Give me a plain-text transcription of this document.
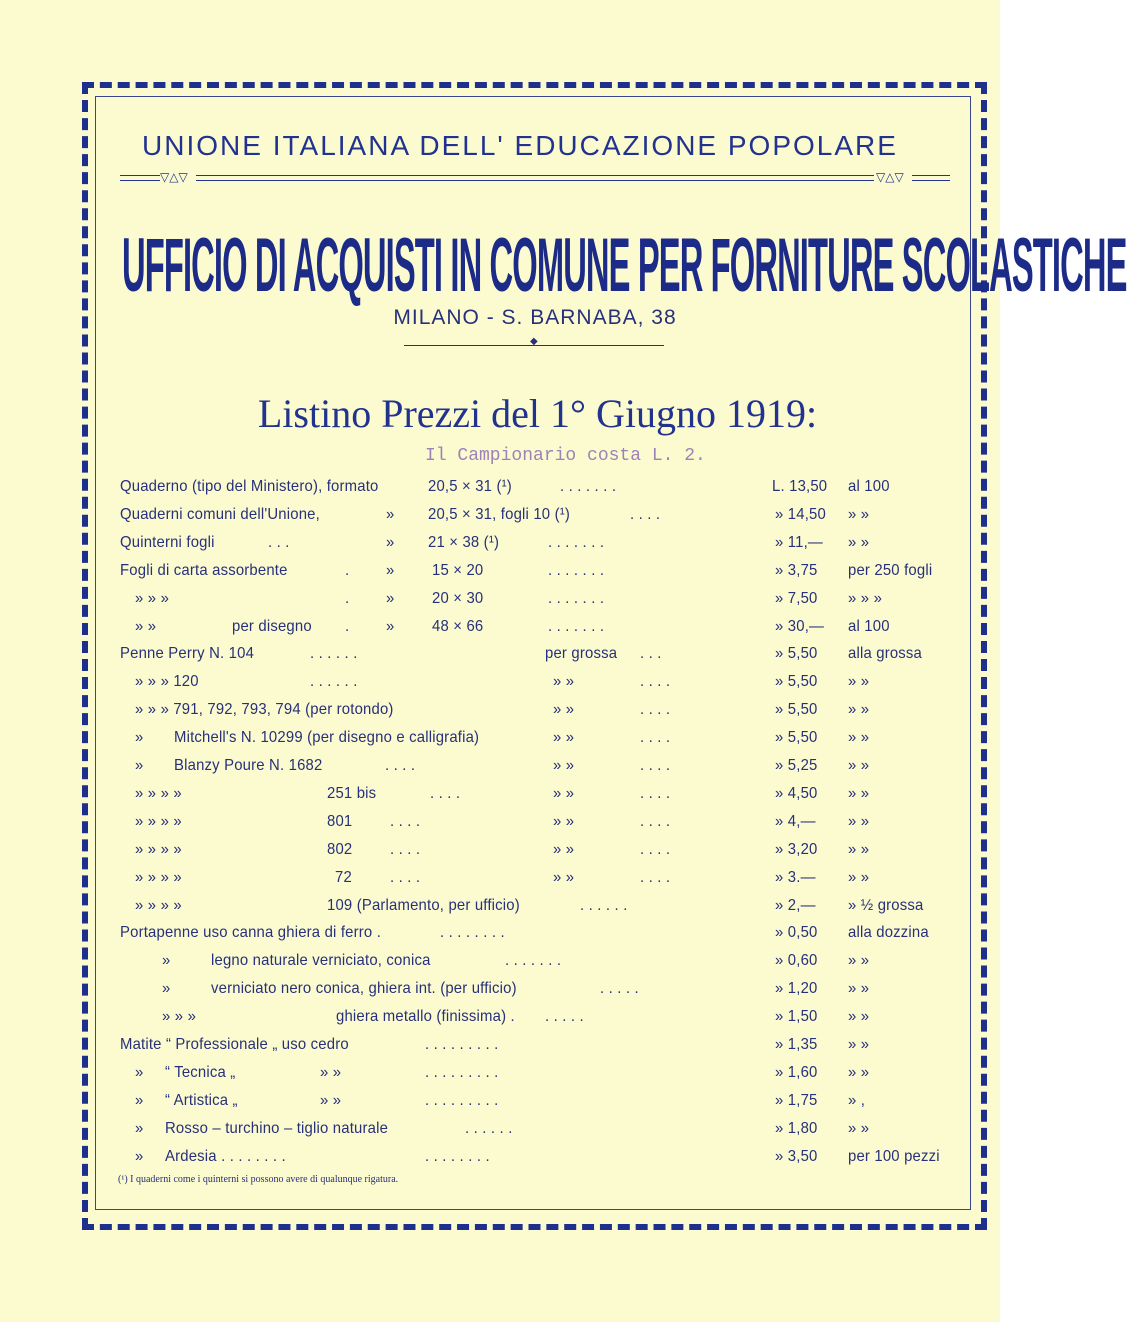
UNIONE ITALIANA DELL' EDUCAZIONE POPOLARE
▽△▽	▽△▽
UFFICIO DI ACQUISTI IN COMUNE PER FORNITURE SCOLASTICHE
MILANO - S. BARNABA, 38
◆
Listino Prezzi del 1° Giugno 1919:
Il Campionario costa L. 2.
Quaderno (tipo del Ministero), formato	20,5 × 31 (¹)	. . . . . . .	L. 13,50 al 100
Quaderni comuni dell'Unione,	» 20,5 × 31, fogli 10 (¹)	. . . .	» 14,50 » »
Quinterni fogli	. . .	» 21 × 38 (¹)	. . . . . . .	» 11,— » »
Fogli di carta assorbente	. » 15 × 20	. . . . . . .	» 3,75 per 250 fogli
» » »	. » 20 × 30	. . . . . . .	» 7,50 » » »
» »	per disegno . » 48 × 66	. . . . . . .	» 30,— al 100
Penne Perry N. 104	. . . . . .	per grossa . . .	» 5,50 alla grossa
» » » 120	. . . . . .	» »	. . . .	» 5,50 » »
» » » 791, 792, 793, 794 (per rotondo)	» »	. . . .	» 5,50 » »
» Mitchell's N. 10299 (per disegno e calligrafia)	» »	. . . .	» 5,50 » »
» Blanzy Poure N. 1682	. . . .	» »	. . . .	» 5,25 » »
» » » »	251 bis	. . . .	» »	. . . .	» 4,50 » »
» » » »	801 . . . .	» »	. . . .	» 4,— » »
» » » »	802 . . . .	» »	. . . .	» 3,20 » »
» » » »	72 . . . .	» »	. . . .	» 3.— » »
» » » »	109 (Parlamento, per ufficio)	. . . . . .	» 2,— » ½ grossa
Portapenne uso canna ghiera di ferro .	. . . . . . . .	» 0,50 alla dozzina
»	legno naturale verniciato, conica	. . . . . . .	» 0,60 » »
»	verniciato nero conica, ghiera int. (per ufficio)	. . . . .	» 1,20 » »
» » »	ghiera metallo (finissima) . . . . . .	» 1,50 » »
Matite “ Professionale „ uso cedro	. . . . . . . . .	» 1,35 » »
» “ Tecnica „	» »	. . . . . . . . .	» 1,60 » »
» “ Artistica „	» »	. . . . . . . . .	» 1,75 » ,
» Rosso – turchino – tiglio naturale	. . . . . .	» 1,80 » »
» Ardesia . . . . . . . .	. . . . . . . .	» 3,50 per 100 pezzi
(¹) I quaderni come i quinterni si possono avere di qualunque rigatura.
